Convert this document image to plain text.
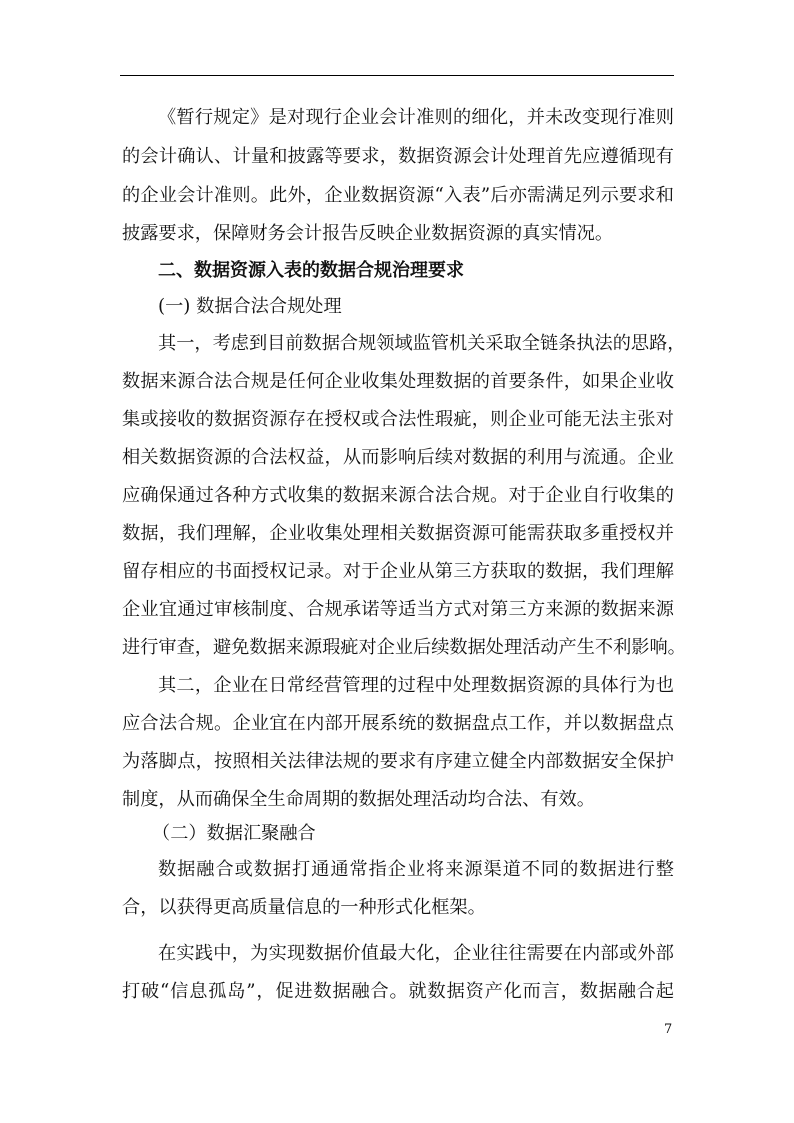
《暂行规定》是对现行企业会计准则的细化，并未改变现行准则
的会计确认、计量和披露等要求，数据资源会计处理首先应遵循现有
的企业会计准则。此外，企业数据资源“入表”后亦需满足列示要求和
披露要求，保障财务会计报告反映企业数据资源的真实情况。
二、数据资源入表的数据合规治理要求
(一) 数据合法合规处理
其一，考虑到目前数据合规领域监管机关采取全链条执法的思路，
数据来源合法合规是任何企业收集处理数据的首要条件，如果企业收
集或接收的数据资源存在授权或合法性瑕疵，则企业可能无法主张对
相关数据资源的合法权益，从而影响后续对数据的利用与流通。企业
应确保通过各种方式收集的数据来源合法合规。对于企业自行收集的
数据，我们理解，企业收集处理相关数据资源可能需获取多重授权并
留存相应的书面授权记录。对于企业从第三方获取的数据，我们理解
企业宜通过审核制度、合规承诺等适当方式对第三方来源的数据来源
进行审查，避免数据来源瑕疵对企业后续数据处理活动产生不利影响。
其二，企业在日常经营管理的过程中处理数据资源的具体行为也
应合法合规。企业宜在内部开展系统的数据盘点工作，并以数据盘点
为落脚点，按照相关法律法规的要求有序建立健全内部数据安全保护
制度，从而确保全生命周期的数据处理活动均合法、有效。
（二）数据汇聚融合
数据融合或数据打通通常指企业将来源渠道不同的数据进行整
合，以获得更高质量信息的一种形式化框架。
在实践中，为实现数据价值最大化，企业往往需要在内部或外部
打破“信息孤岛”，促进数据融合。就数据资产化而言，数据融合起
7
